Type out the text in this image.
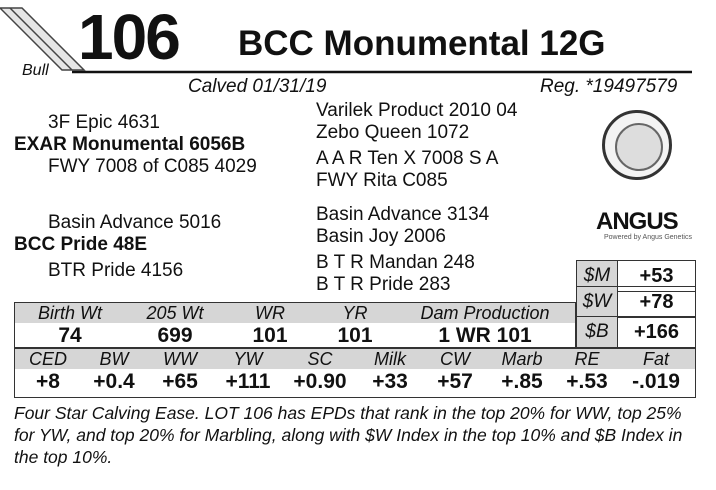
Bull 106 BCC Monumental 12G
Calved 01/31/19	Reg. *19497579
3F Epic 4631
EXAR Monumental 6056B
FWY 7008 of C085 4029
Varilek Product 2010 04
Zebo Queen 1072
A A R Ten X 7008 S A
FWY Rita C085
Basin Advance 5016
BCC Pride 48E
BTR Pride 4156
Basin Advance 3134
Basin Joy 2006
B T R Mandan 248
B T R Pride 283
ANGUS
Powered by Angus Genetics
$M	+53
$W	+78
$B	+166
Birth Wt	205 Wt	WR	YR	Dam Production
74	699	101	101	1 WR 101
CED	BW	WW	YW	SC	Milk	CW	Marb	RE	Fat
+8	+0.4	+65	+111	+0.90	+33	+57	+.85	+.53	-.019
Four Star Calving Ease. LOT 106 has EPDs that rank in the top 20% for WW, top 25% for YW, and top 20% for Marbling, along with $W Index in the top 10% and $B Index in the top 10%.
